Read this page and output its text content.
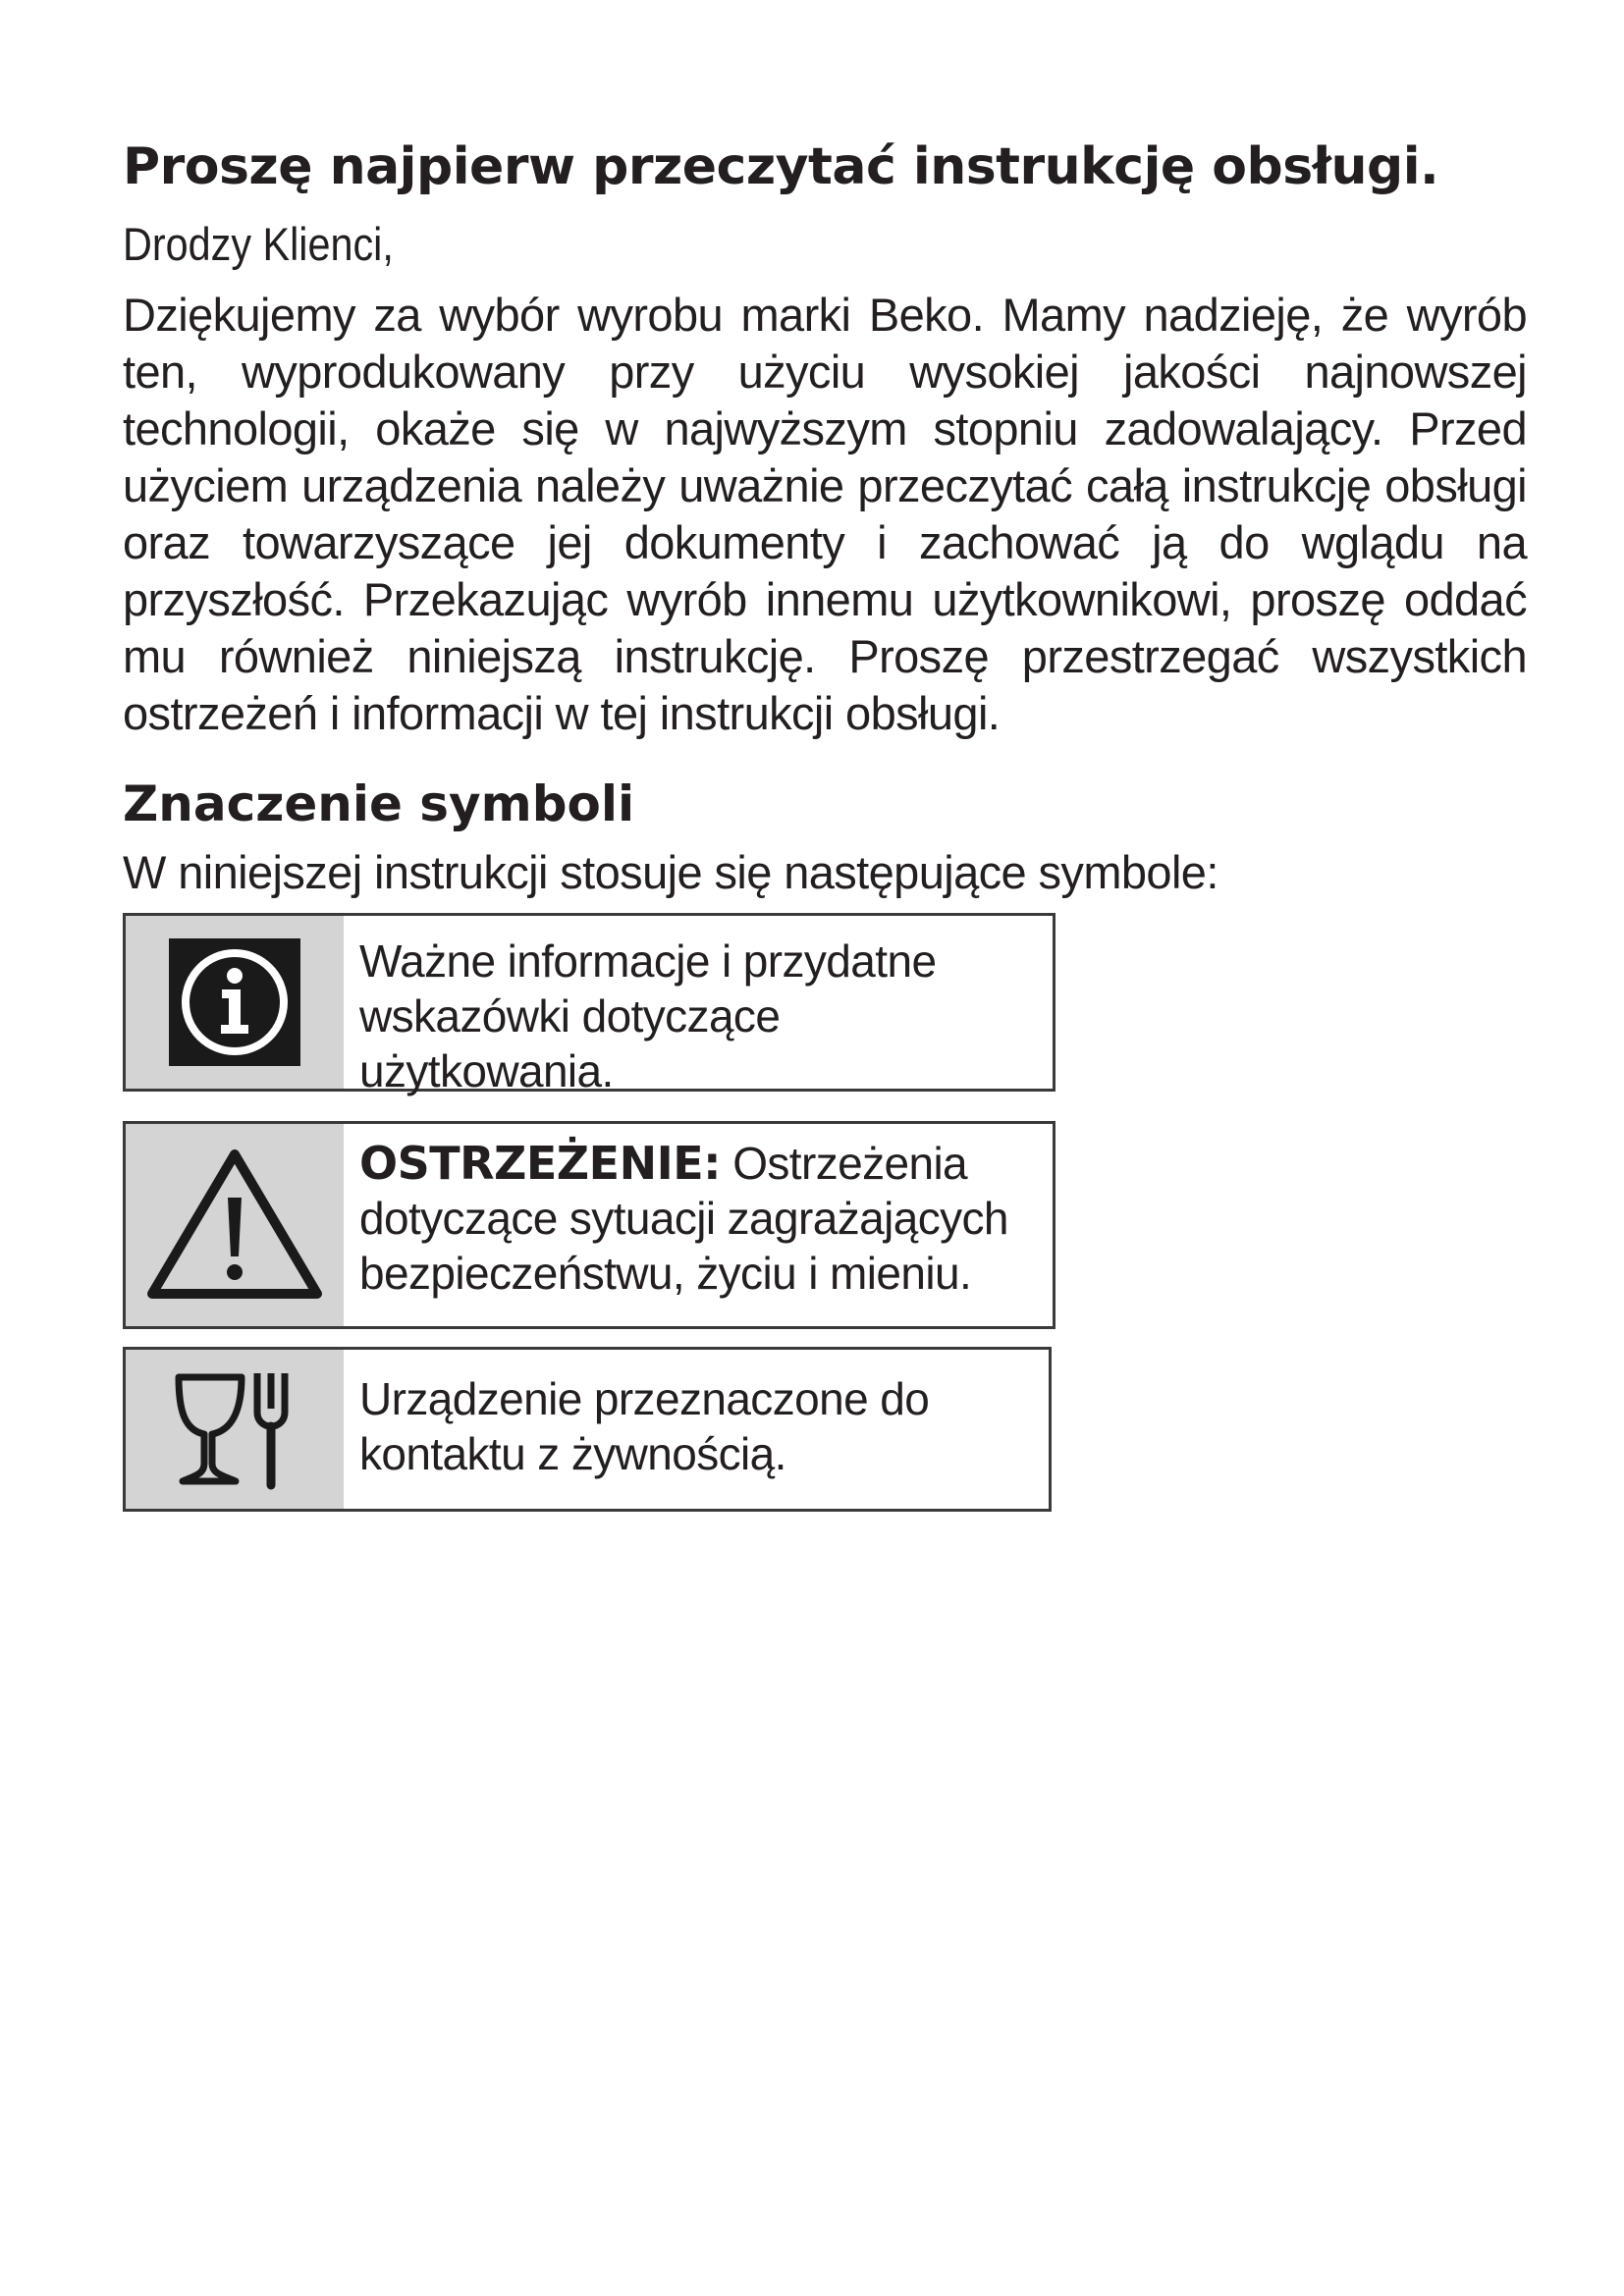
Proszę najpierw przeczytać instrukcję obsługi.
Drodzy Klienci,

Dziękujemy za wybór wyrobu marki Beko. Mamy nadzieję, że wyrób ten, wyprodukowany przy użyciu wysokiej jakości najnowszej technologii, okaże się w najwyższym stopniu zadowalający. Przed użyciem urządzenia należy uważnie przeczytać całą instrukcję obsługi oraz towarzyszące jej dokumenty i zachować ją do wglądu na przyszłość. Przekazując wyrób innemu użytkownikowi, proszę oddać mu również niniejszą instrukcję. Proszę przestrzegać wszystkich ostrzeżeń i informacji w tej instrukcji obsługi.

Znaczenie symboli
W niniejszej instrukcji stosuje się następujące symbole:
Ważne informacje i przydatne wskazówki dotyczące użytkowania.
OSTRZEŻENIE: Ostrzeżenia dotyczące sytuacji zagrażających bezpieczeństwu, życiu i mieniu.
Urządzenie przeznaczone do kontaktu z żywnością.
